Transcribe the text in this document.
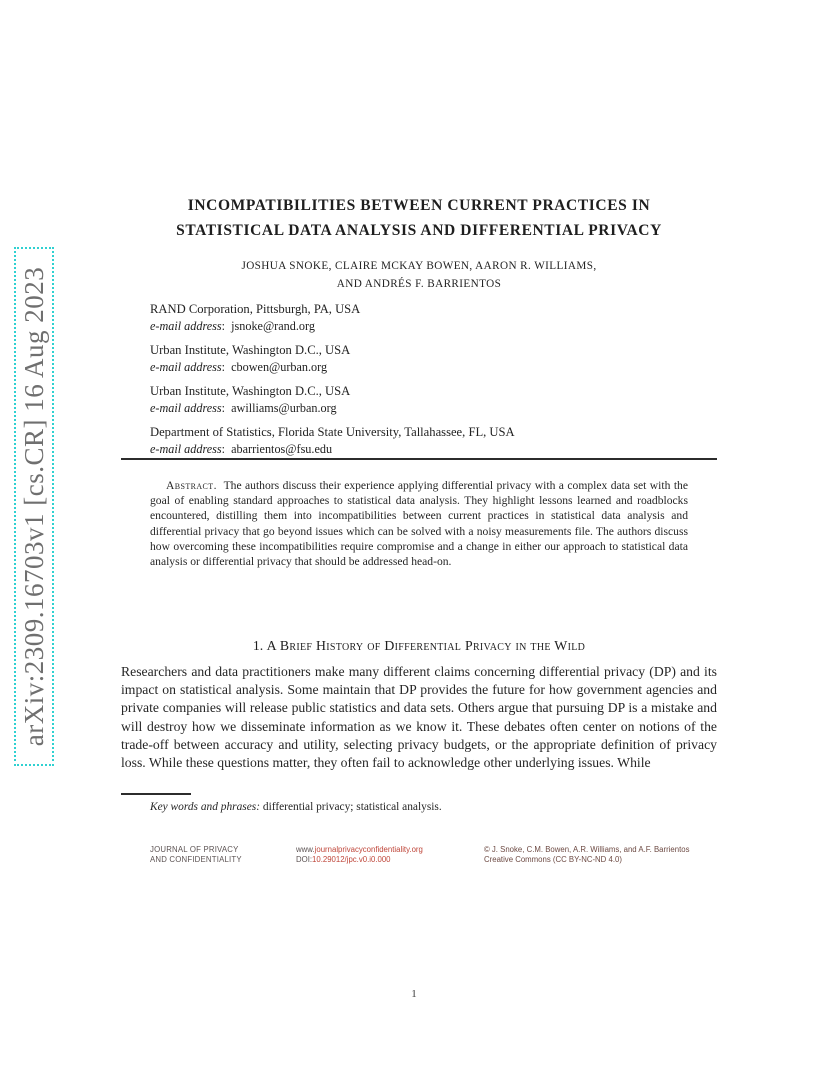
arXiv:2309.16703v1 [cs.CR] 16 Aug 2023
INCOMPATIBILITIES BETWEEN CURRENT PRACTICES IN
STATISTICAL DATA ANALYSIS AND DIFFERENTIAL PRIVACY
JOSHUA SNOKE, CLAIRE MCKAY BOWEN, AARON R. WILLIAMS,
AND ANDRÉS F. BARRIENTOS
RAND Corporation, Pittsburgh, PA, USA
e-mail address:  jsnoke@rand.org
Urban Institute, Washington D.C., USA
e-mail address:  cbowen@urban.org
Urban Institute, Washington D.C., USA
e-mail address:  awilliams@urban.org
Department of Statistics, Florida State University, Tallahassee, FL, USA
e-mail address:  abarrientos@fsu.edu

Abstract. The authors discuss their experience applying differential privacy with a complex data set with the goal of enabling standard approaches to statistical data analysis. They highlight lessons learned and roadblocks encountered, distilling them into incompatibilities between current practices in statistical data analysis and differential privacy that go beyond issues which can be solved with a noisy measurements file. The authors discuss how overcoming these incompatibilities require compromise and a change in either our approach to statistical data analysis or differential privacy that should be addressed head-on.

1. A Brief History of Differential Privacy in the Wild

Researchers and data practitioners make many different claims concerning differential privacy (DP) and its impact on statistical analysis. Some maintain that DP provides the future for how government agencies and private companies will release public statistics and data sets. Others argue that pursuing DP is a mistake and will destroy how we disseminate information as we know it. These debates often center on notions of the trade-off between accuracy and utility, selecting privacy budgets, or the appropriate definition of privacy loss. While these questions matter, they often fail to acknowledge other underlying issues. While

Key words and phrases: differential privacy; statistical analysis.
JOURNAL OF PRIVACY
AND CONFIDENTIALITY
www.journalprivacyconfidentiality.org
DOI:10.29012/jpc.v0.i0.000
© J. Snoke, C.M. Bowen, A.R. Williams, and A.F. Barrientos
Creative Commons (CC BY-NC-ND 4.0)
1
